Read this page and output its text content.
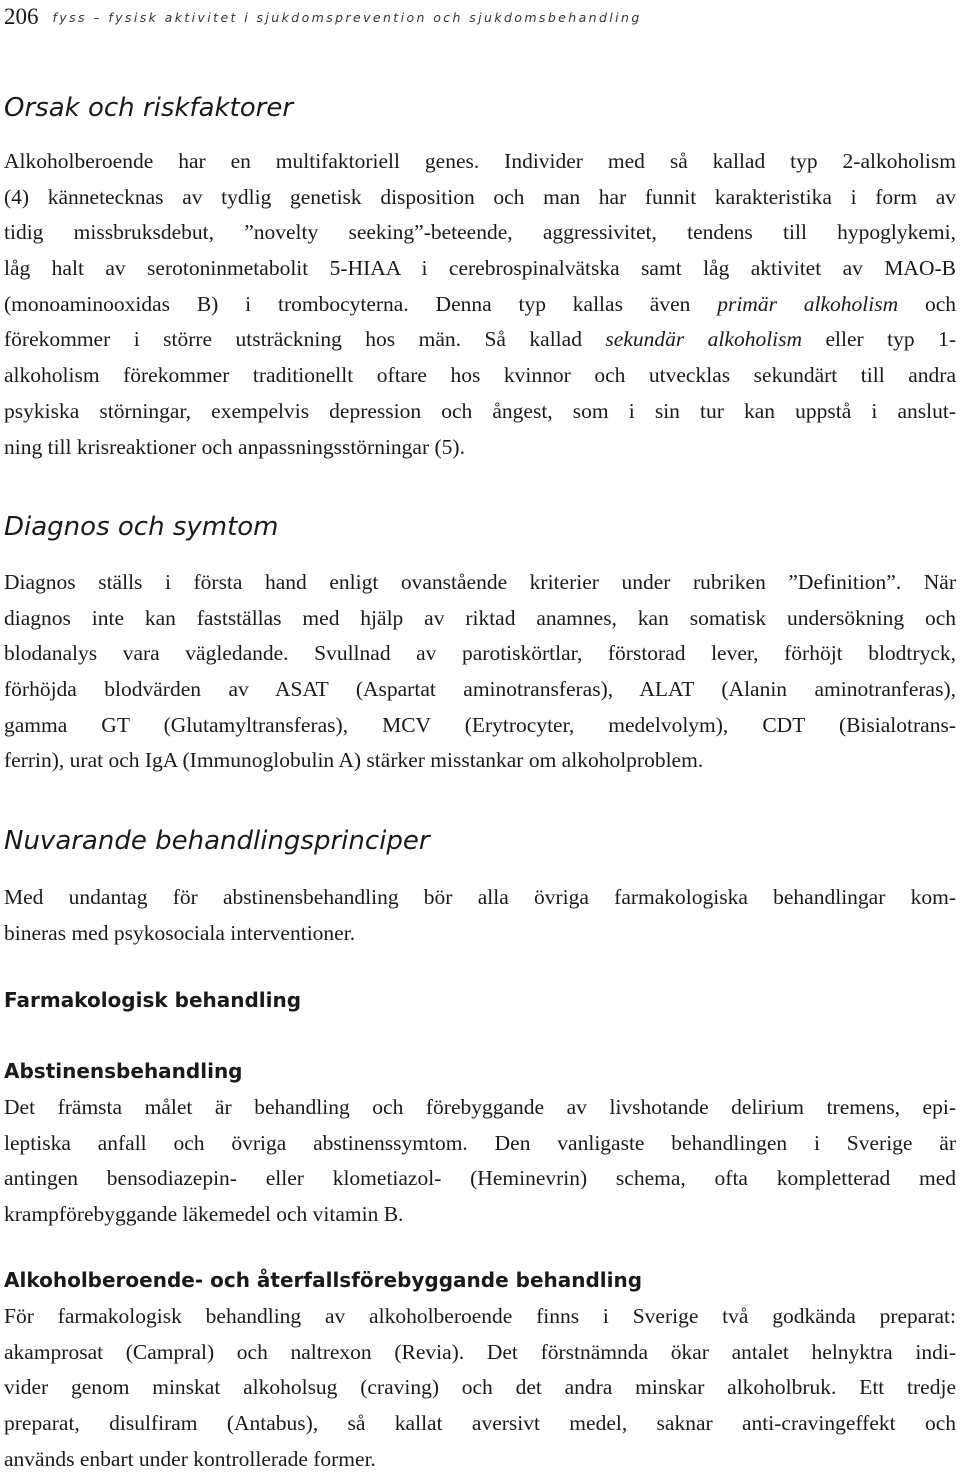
206 fyss – fysisk aktivitet i sjukdomsprevention och sjukdomsbehandling
Orsak och riskfaktorer
Alkoholberoende har en multifaktoriell genes. Individer med så kallad typ 2-alkoholism
(4) kännetecknas av tydlig genetisk disposition och man har funnit karakteristika i form av
tidig missbruksdebut, ”novelty seeking”-beteende, aggressivitet, tendens till hypoglykemi,
låg halt av serotoninmetabolit 5-HIAA i cerebrospinalvätska samt låg aktivitet av MAO-B
(monoaminooxidas B) i trombocyterna. Denna typ kallas även primär alkoholism och
förekommer i större utsträckning hos män. Så kallad sekundär alkoholism eller typ 1-
alkoholism förekommer traditionellt oftare hos kvinnor och utvecklas sekundärt till andra
psykiska störningar, exempelvis depression och ångest, som i sin tur kan uppstå i anslut-
ning till krisreaktioner och anpassningsstörningar (5).
Diagnos och symtom
Diagnos ställs i första hand enligt ovanstående kriterier under rubriken ”Definition”. När
diagnos inte kan fastställas med hjälp av riktad anamnes, kan somatisk undersökning och
blodanalys vara vägledande. Svullnad av parotiskörtlar, förstorad lever, förhöjt blodtryck,
förhöjda blodvärden av ASAT (Aspartat aminotransferas), ALAT (Alanin aminotranferas),
gamma GT (Glutamyltransferas), MCV (Erytrocyter, medelvolym), CDT (Bisialotrans-
ferrin), urat och IgA (Immunoglobulin A) stärker misstankar om alkoholproblem.
Nuvarande behandlingsprinciper
Med undantag för abstinensbehandling bör alla övriga farmakologiska behandlingar kom-
bineras med psykosociala interventioner.
Farmakologisk behandling
Abstinensbehandling
Det främsta målet är behandling och förebyggande av livshotande delirium tremens, epi-
leptiska anfall och övriga abstinenssymtom. Den vanligaste behandlingen i Sverige är
antingen bensodiazepin- eller klometiazol- (Heminevrin) schema, ofta kompletterad med
krampförebyggande läkemedel och vitamin B.
Alkoholberoende- och återfallsförebyggande behandling
För farmakologisk behandling av alkoholberoende finns i Sverige två godkända preparat:
akamprosat (Campral) och naltrexon (Revia). Det förstnämnda ökar antalet helnyktra indi-
vider genom minskat alkoholsug (craving) och det andra minskar alkoholbruk. Ett tredje
preparat, disulfiram (Antabus), så kallat aversivt medel, saknar anti-cravingeffekt och
används enbart under kontrollerade former.
